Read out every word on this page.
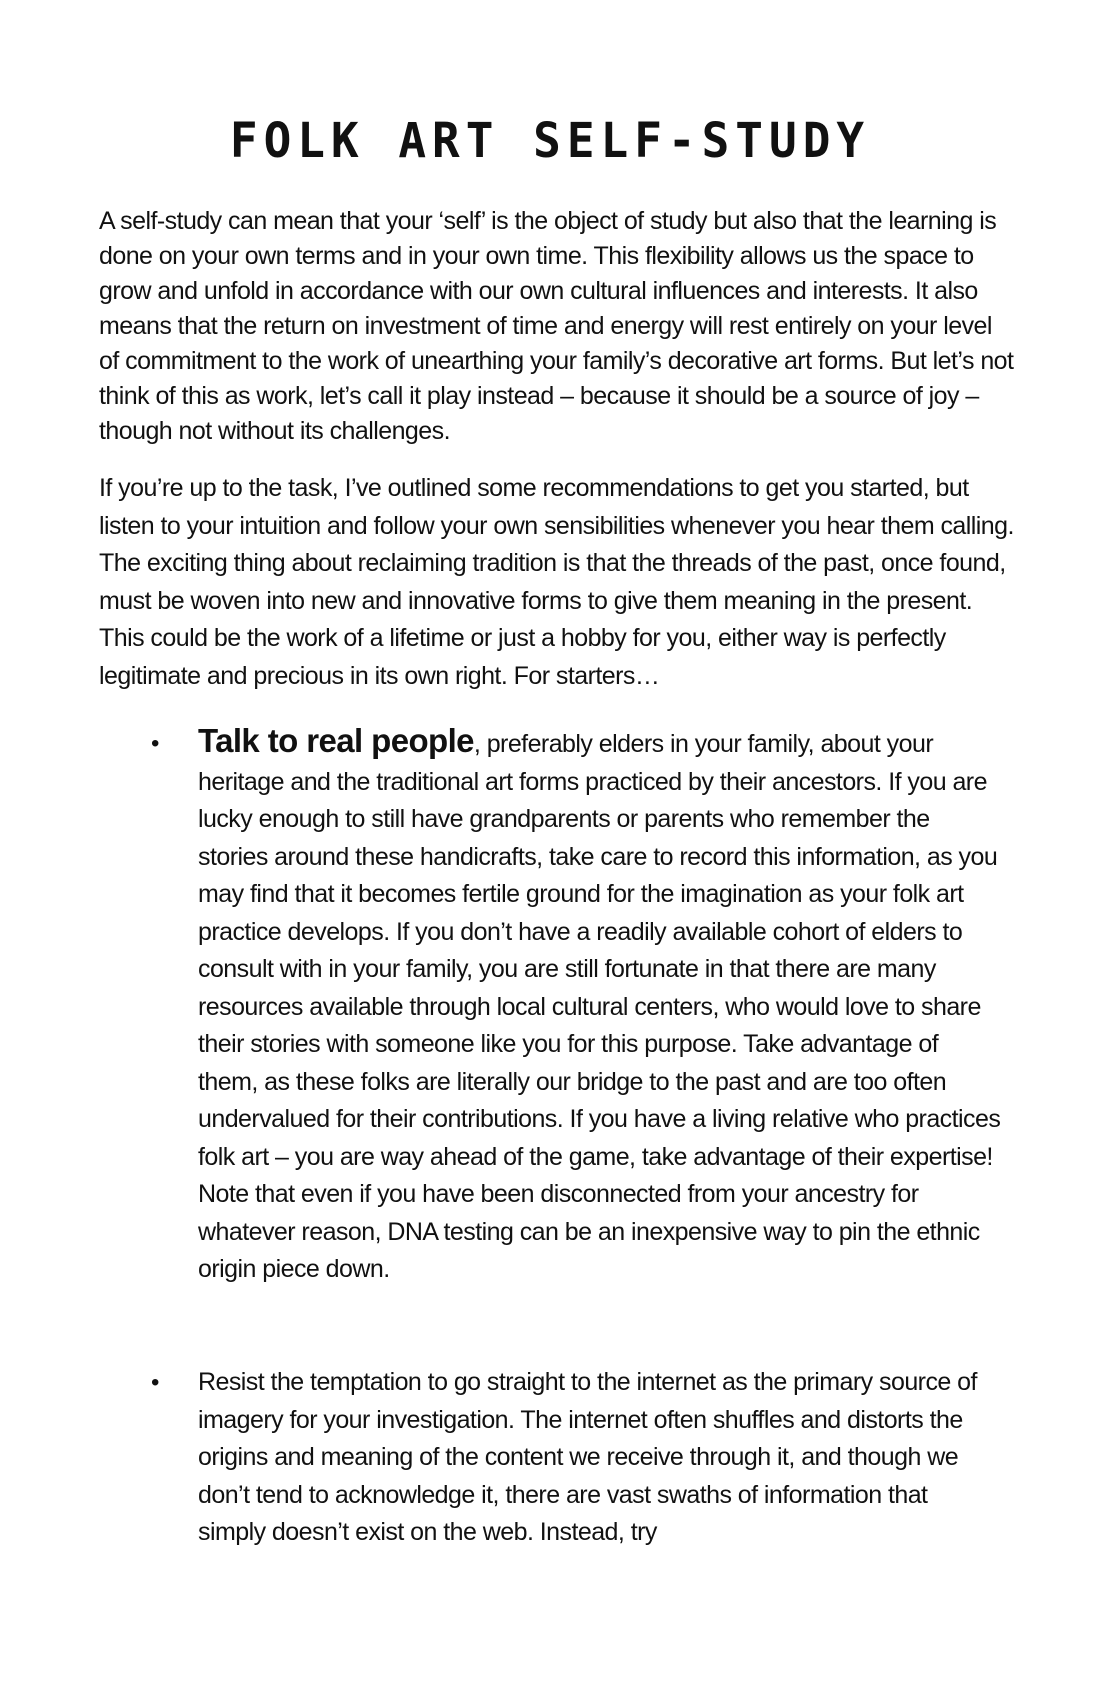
FOLK ART SELF-STUDY

A self-study can mean that your ‘self’ is the object of study but also that the learning is done on your own terms and in your own time. This flexibility allows us the space to grow and unfold in accordance with our own cultural influences and interests. It also means that the return on investment of time and energy will rest entirely on your level of commitment to the work of unearthing your family’s decorative art forms. But let’s not think of this as work, let’s call it play instead – because it should be a source of joy – though not without its challenges.

If you’re up to the task, I’ve outlined some recommendations to get you started, but listen to your intuition and follow your own sensibilities whenever you hear them calling. The exciting thing about reclaiming tradition is that the threads of the past, once found, must be woven into new and innovative forms to give them meaning in the present. This could be the work of a lifetime or just a hobby for you, either way is perfectly legitimate and precious in its own right. For starters…

• Talk to real people, preferably elders in your family, about your heritage and the traditional art forms practiced by their ancestors. If you are lucky enough to still have grandparents or parents who remember the stories around these handicrafts, take care to record this information, as you may find that it becomes fertile ground for the imagination as your folk art practice develops. If you don’t have a readily available cohort of elders to consult with in your family, you are still fortunate in that there are many resources available through local cultural centers, who would love to share their stories with someone like you for this purpose. Take advantage of them, as these folks are literally our bridge to the past and are too often undervalued for their contributions. If you have a living relative who practices folk art – you are way ahead of the game, take advantage of their expertise! Note that even if you have been disconnected from your ancestry for whatever reason, DNA testing can be an inexpensive way to pin the ethnic origin piece down.

• Resist the temptation to go straight to the internet as the primary source of imagery for your investigation. The internet often shuffles and distorts the origins and meaning of the content we receive through it, and though we don’t tend to acknowledge it, there are vast swaths of information that simply doesn’t exist on the web. Instead, try
